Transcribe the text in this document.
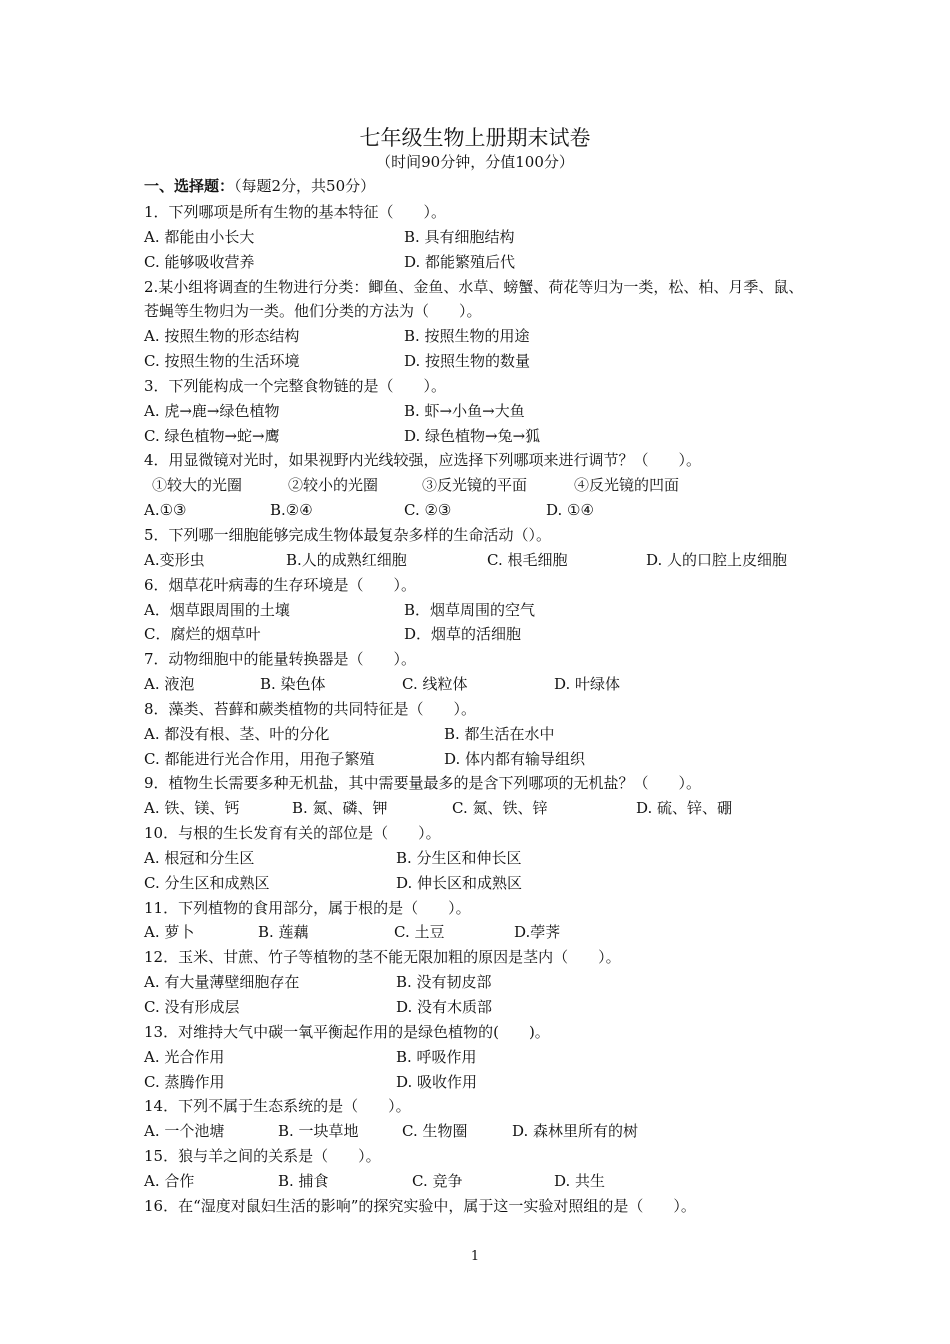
七年级生物上册期末试卷
（时间90分钟，分值100分）
一、选择题：（每题2分，共50分）
1．下列哪项是所有生物的基本特征（　　）。
A. 都能由小长大	B. 具有细胞结构
C. 能够吸收营养	D. 都能繁殖后代
2.某小组将调查的生物进行分类：鲫鱼、金鱼、水草、螃蟹、荷花等归为一类，松、柏、月季、鼠、
苍蝇等生物归为一类。他们分类的方法为（　　）。
A. 按照生物的形态结构	B. 按照生物的用途
C. 按照生物的生活环境	D. 按照生物的数量
3．下列能构成一个完整食物链的是（　　）。
A. 虎→鹿→绿色植物	B. 虾→小鱼→大鱼
C. 绿色植物→蛇→鹰	D. 绿色植物→兔→狐
4．用显微镜对光时，如果视野内光线较强，应选择下列哪项来进行调节？（　　）。
①较大的光圈	②较小的光圈	③反光镜的平面	④反光镜的凹面
A.①③	B.②④	C. ②③	D. ①④
5．下列哪一细胞能够完成生物体最复杂多样的生命活动（）。
A.变形虫	B.人的成熟红细胞	C. 根毛细胞	D. 人的口腔上皮细胞
6．烟草花叶病毒的生存环境是（　　）。
A．烟草跟周围的土壤	B．烟草周围的空气
C．腐烂的烟草叶	D．烟草的活细胞
7．动物细胞中的能量转换器是（　　）。
A. 液泡	B. 染色体	C. 线粒体	D. 叶绿体
8．藻类、苔藓和蕨类植物的共同特征是（　　）。
A. 都没有根、茎、叶的分化	B. 都生活在水中
C. 都能进行光合作用，用孢子繁殖	D. 体内都有输导组织
9．植物生长需要多种无机盐，其中需要量最多的是含下列哪项的无机盐？（　　）。
A. 铁、镁、钙	B. 氮、磷、钾	C. 氮、铁、锌	D. 硫、锌、硼
10．与根的生长发育有关的部位是（　　）。
A. 根冠和分生区	B. 分生区和伸长区
C. 分生区和成熟区	D. 伸长区和成熟区
11．下列植物的食用部分，属于根的是（　　）。
A. 萝卜	B. 莲藕	C. 土豆	D.荸荠
12．玉米、甘蔗、竹子等植物的茎不能无限加粗的原因是茎内（　　）。
A. 有大量薄壁细胞存在	B. 没有韧皮部
C. 没有形成层	D. 没有木质部
13．对维持大气中碳一氧平衡起作用的是绿色植物的(　　)。
A. 光合作用	B. 呼吸作用
C. 蒸腾作用	D. 吸收作用
14．下列不属于生态系统的是（　　）。
A. 一个池塘	B. 一块草地	C. 生物圈	D. 森林里所有的树
15．狼与羊之间的关系是（　　）。
A. 合作	B. 捕食	C. 竞争	D. 共生
16．在“湿度对鼠妇生活的影响”的探究实验中，属于这一实验对照组的是（　　）。
1
